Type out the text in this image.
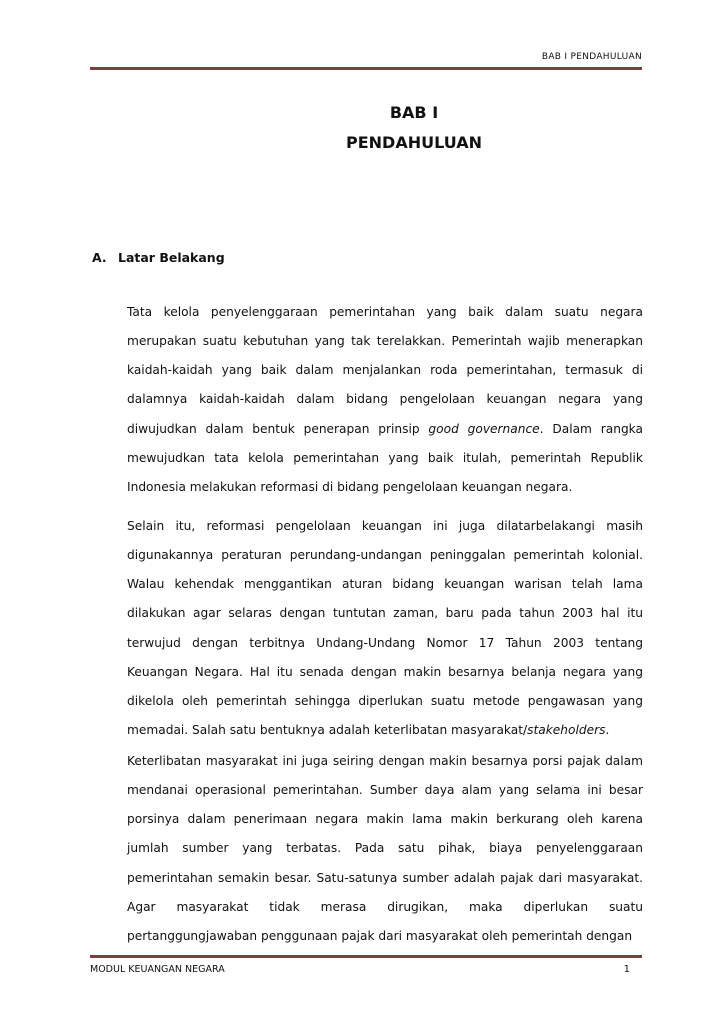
BAB I PENDAHULUAN
BAB I
PENDAHULUAN
A. Latar Belakang

Tata kelola penyelenggaraan pemerintahan yang baik dalam suatu negara merupakan suatu kebutuhan yang tak terelakkan. Pemerintah wajib menerapkan kaidah-kaidah yang baik dalam menjalankan roda pemerintahan, termasuk di dalamnya kaidah-kaidah dalam bidang pengelolaan keuangan negara yang diwujudkan dalam bentuk penerapan prinsip good governance. Dalam rangka mewujudkan tata kelola pemerintahan yang baik itulah, pemerintah Republik Indonesia melakukan reformasi di bidang pengelolaan keuangan negara.

Selain itu, reformasi pengelolaan keuangan ini juga dilatarbelakangi masih digunakannya peraturan perundang-undangan peninggalan pemerintah kolonial. Walau kehendak menggantikan aturan bidang keuangan warisan telah lama dilakukan agar selaras dengan tuntutan zaman, baru pada tahun 2003 hal itu terwujud dengan terbitnya Undang-Undang Nomor 17 Tahun 2003 tentang Keuangan Negara. Hal itu senada dengan makin besarnya belanja negara yang dikelola oleh pemerintah sehingga diperlukan suatu metode pengawasan yang memadai. Salah satu bentuknya adalah keterlibatan masyarakat/stakeholders.

Keterlibatan masyarakat ini juga seiring dengan makin besarnya porsi pajak dalam mendanai operasional pemerintahan. Sumber daya alam yang selama ini besar porsinya dalam penerimaan negara makin lama makin berkurang oleh karena jumlah sumber yang terbatas. Pada satu pihak, biaya penyelenggaraan pemerintahan semakin besar. Satu-satunya sumber adalah pajak dari masyarakat. Agar masyarakat tidak merasa dirugikan, maka diperlukan suatu pertanggungjawaban penggunaan pajak dari masyarakat oleh pemerintah dengan

MODUL KEUANGAN NEGARA	1
